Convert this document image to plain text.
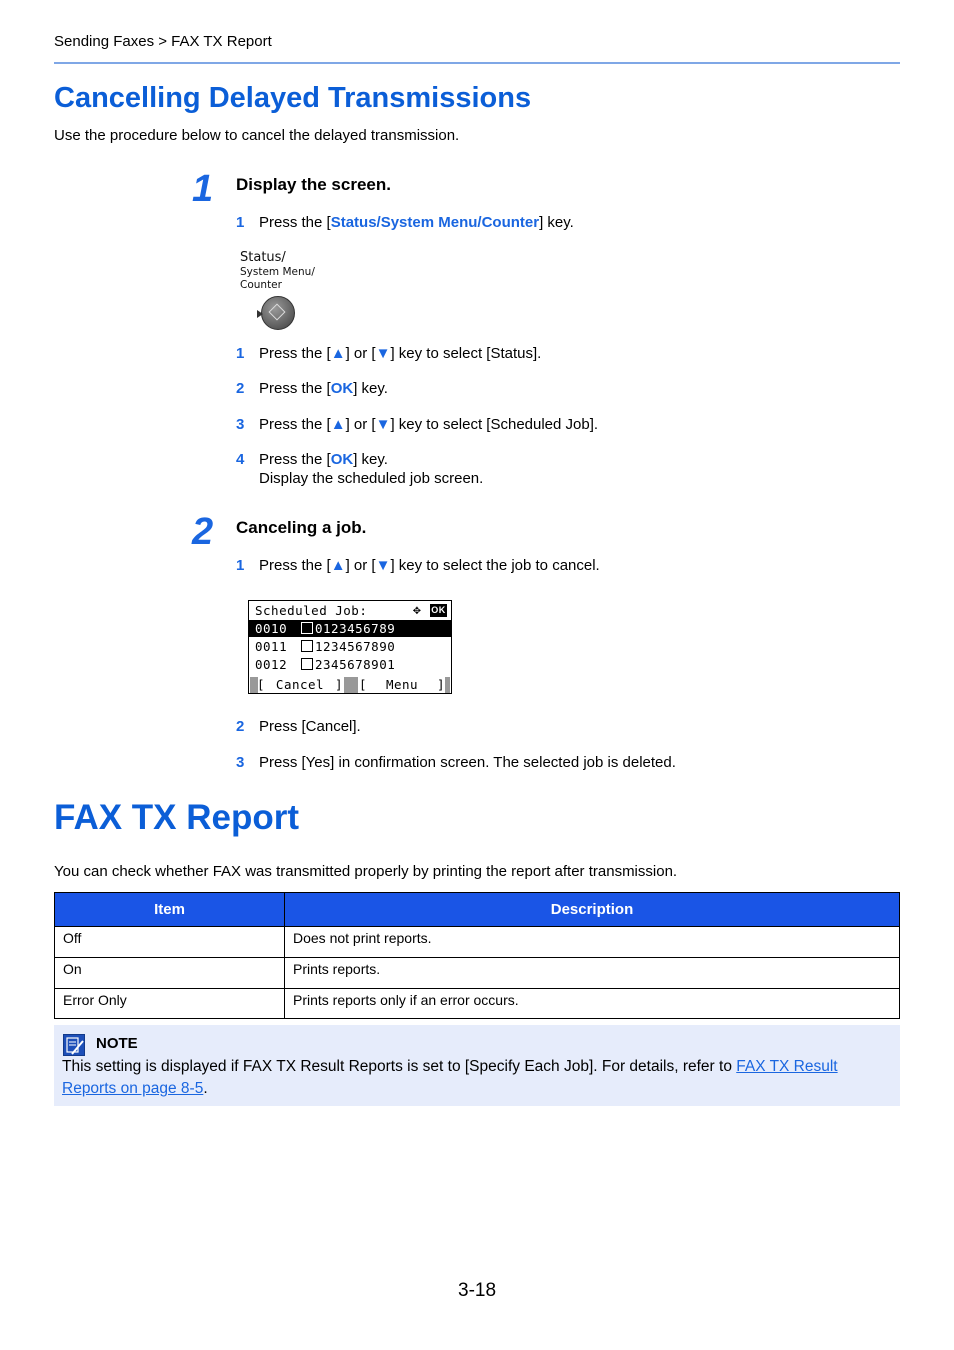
Sending Faxes > FAX TX Report
Cancelling Delayed Transmissions
Use the procedure below to cancel the delayed transmission.
1 Display the screen.
1 Press the [Status/System Menu/Counter] key.
Status/
System Menu/
Counter
1 Press the [▲] or [▼] key to select [Status].
2 Press the [OK] key.
3 Press the [▲] or [▼] key to select [Scheduled Job].
4 Press the [OK] key.
Display the scheduled job screen.
2 Canceling a job.
1 Press the [▲] or [▼] key to select the job to cancel.
Scheduled Job:	✥ OK
0010 0123456789
0011 1234567890
0012 2345678901
[ Cancel ] [ Menu ]
2 Press [Cancel].
3 Press [Yes] in confirmation screen. The selected job is deleted.
FAX TX Report
You can check whether FAX was transmitted properly by printing the report after transmission.
Item	Description
Off	Does not print reports.
On	Prints reports.
Error Only	Prints reports only if an error occurs.
NOTE
This setting is displayed if FAX TX Result Reports is set to [Specify Each Job]. For details, refer to FAX TX Result Reports on page 8-5.
3-18
